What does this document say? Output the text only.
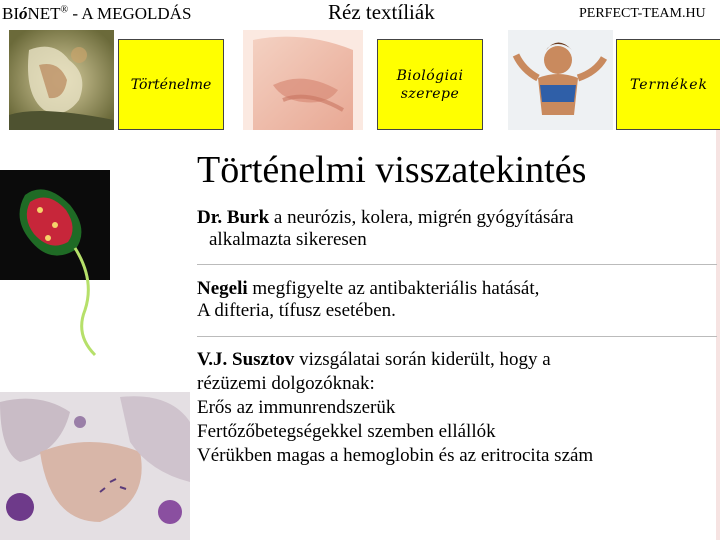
BIóNET® - A MEGOLDÁS	Réz textíliák	PERFECT-TEAM.HU
Történelme
Biológiai
szerepe
Termékek
Történelmi visszatekintés
Dr. Burk a neurózis, kolera, migrén gyógyítására
alkalmazta sikeresen
Negeli megfigyelte az antibakteriális hatását,
A difteria, tífusz esetében.
V.J. Susztov vizsgálatai során kiderült, hogy a
rézüzemi dolgozóknak:
Erős az immunrendszerük
Fertőzőbetegségekkel szemben ellállók
Vérükben magas a hemoglobin és az eritrocita szám
